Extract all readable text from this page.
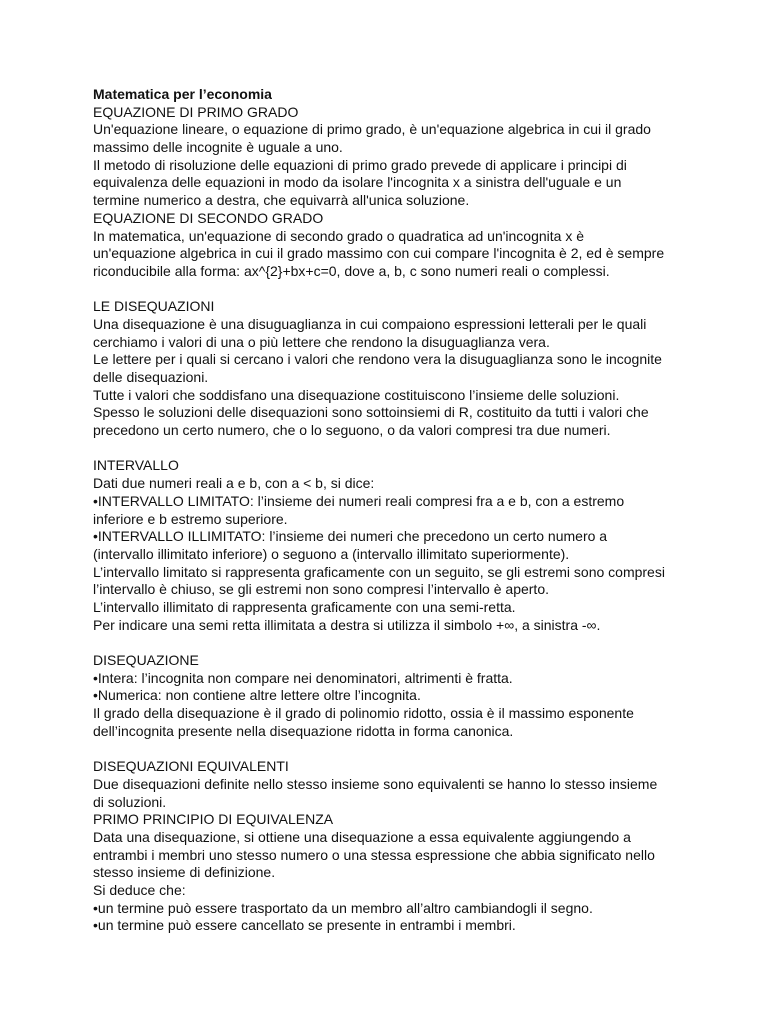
Matematica per l’economia
EQUAZIONE DI PRIMO GRADO
Un'equazione lineare, o equazione di primo grado, è un'equazione algebrica in cui il grado
massimo delle incognite è uguale a uno.
Il metodo di risoluzione delle equazioni di primo grado prevede di applicare i principi di
equivalenza delle equazioni in modo da isolare l'incognita x a sinistra dell'uguale e un
termine numerico a destra, che equivarrà all'unica soluzione.
EQUAZIONE DI SECONDO GRADO
In matematica, un'equazione di secondo grado o quadratica ad un'incognita x è
un'equazione algebrica in cui il grado massimo con cui compare l'incognita è 2, ed è sempre
riconducibile alla forma: ax^{2}+bx+c=0, dove a, b, c sono numeri reali o complessi.
LE DISEQUAZIONI
Una disequazione è una disuguaglianza in cui compaiono espressioni letterali per le quali
cerchiamo i valori di una o più lettere che rendono la disuguaglianza vera.
Le lettere per i quali si cercano i valori che rendono vera la disuguaglianza sono le incognite
delle disequazioni.
Tutte i valori che soddisfano una disequazione costituiscono l’insieme delle soluzioni.
Spesso le soluzioni delle disequazioni sono sottoinsiemi di R, costituito da tutti i valori che
precedono un certo numero, che o lo seguono, o da valori compresi tra due numeri.
INTERVALLO
Dati due numeri reali a e b, con a < b, si dice:
•INTERVALLO LIMITATO: l’insieme dei numeri reali compresi fra a e b, con a estremo
inferiore e b estremo superiore.
•INTERVALLO ILLIMITATO: l’insieme dei numeri che precedono un certo numero a
(intervallo illimitato inferiore) o seguono a (intervallo illimitato superiormente).
L’intervallo limitato si rappresenta graficamente con un seguito, se gli estremi sono compresi
l’intervallo è chiuso, se gli estremi non sono compresi l’intervallo è aperto.
L’intervallo illimitato di rappresenta graficamente con una semi-retta.
Per indicare una semi retta illimitata a destra si utilizza il simbolo +∞, a sinistra -∞.
DISEQUAZIONE
•Intera: l’incognita non compare nei denominatori, altrimenti è fratta.
•Numerica: non contiene altre lettere oltre l’incognita.
Il grado della disequazione è il grado di polinomio ridotto, ossia è il massimo esponente
dell’incognita presente nella disequazione ridotta in forma canonica.
DISEQUAZIONI EQUIVALENTI
Due disequazioni definite nello stesso insieme sono equivalenti se hanno lo stesso insieme
di soluzioni.
PRIMO PRINCIPIO DI EQUIVALENZA
Data una disequazione, si ottiene una disequazione a essa equivalente aggiungendo a
entrambi i membri uno stesso numero o una stessa espressione che abbia significato nello
stesso insieme di definizione.
Si deduce che:
•un termine può essere trasportato da un membro all’altro cambiandogli il segno.
•un termine può essere cancellato se presente in entrambi i membri.
